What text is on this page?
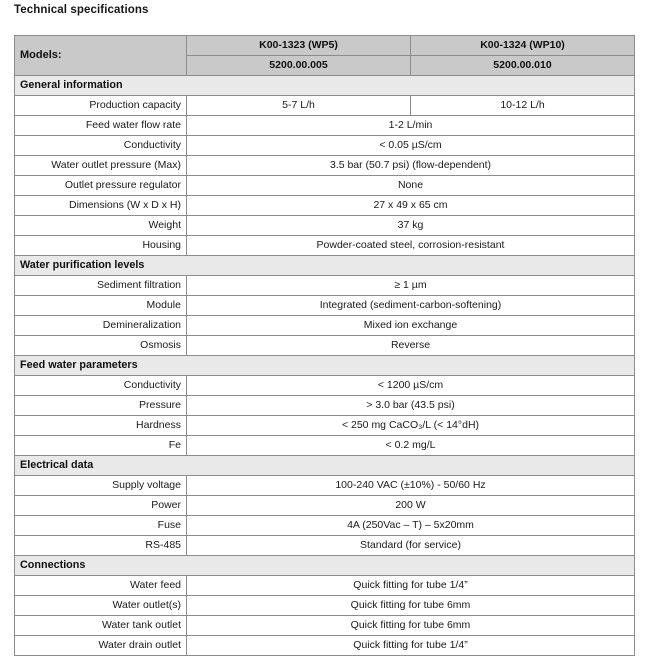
Technical specifications
Models:	K00-1323 (WP5)	K00-1324 (WP10)
	5200.00.005	5200.00.010
General information		
Production capacity	5-7 L/h	10-12 L/h
Feed water flow rate	1-2 L/min	
Conductivity	< 0.05 µS/cm	
Water outlet pressure (Max)	3.5 bar (50.7 psi) (flow-dependent)	
Outlet pressure regulator	None	
Dimensions (W x D x H)	27 x 49 x 65 cm	
Weight	37 kg	
Housing	Powder-coated steel, corrosion-resistant	
Water purification levels		
Sediment filtration	≥ 1 µm	
Module	Integrated (sediment-carbon-softening)	
Demineralization	Mixed ion exchange	
Osmosis	Reverse	
Feed water parameters		
Conductivity	< 1200 µS/cm	
Pressure	> 3.0 bar (43.5 psi)	
Hardness	< 250 mg CaCO₃/L (< 14°dH)	
Fe	< 0.2 mg/L	
Electrical data		
Supply voltage	100-240 VAC (±10%) - 50/60 Hz	
Power	200 W	
Fuse	4A (250Vac – T) – 5x20mm	
RS-485	Standard (for service)	
Connections		
Water feed	Quick fitting for tube 1/4”	
Water outlet(s)	Quick fitting for tube 6mm	
Water tank outlet	Quick fitting for tube 6mm	
Water drain outlet	Quick fitting for tube 1/4”	
